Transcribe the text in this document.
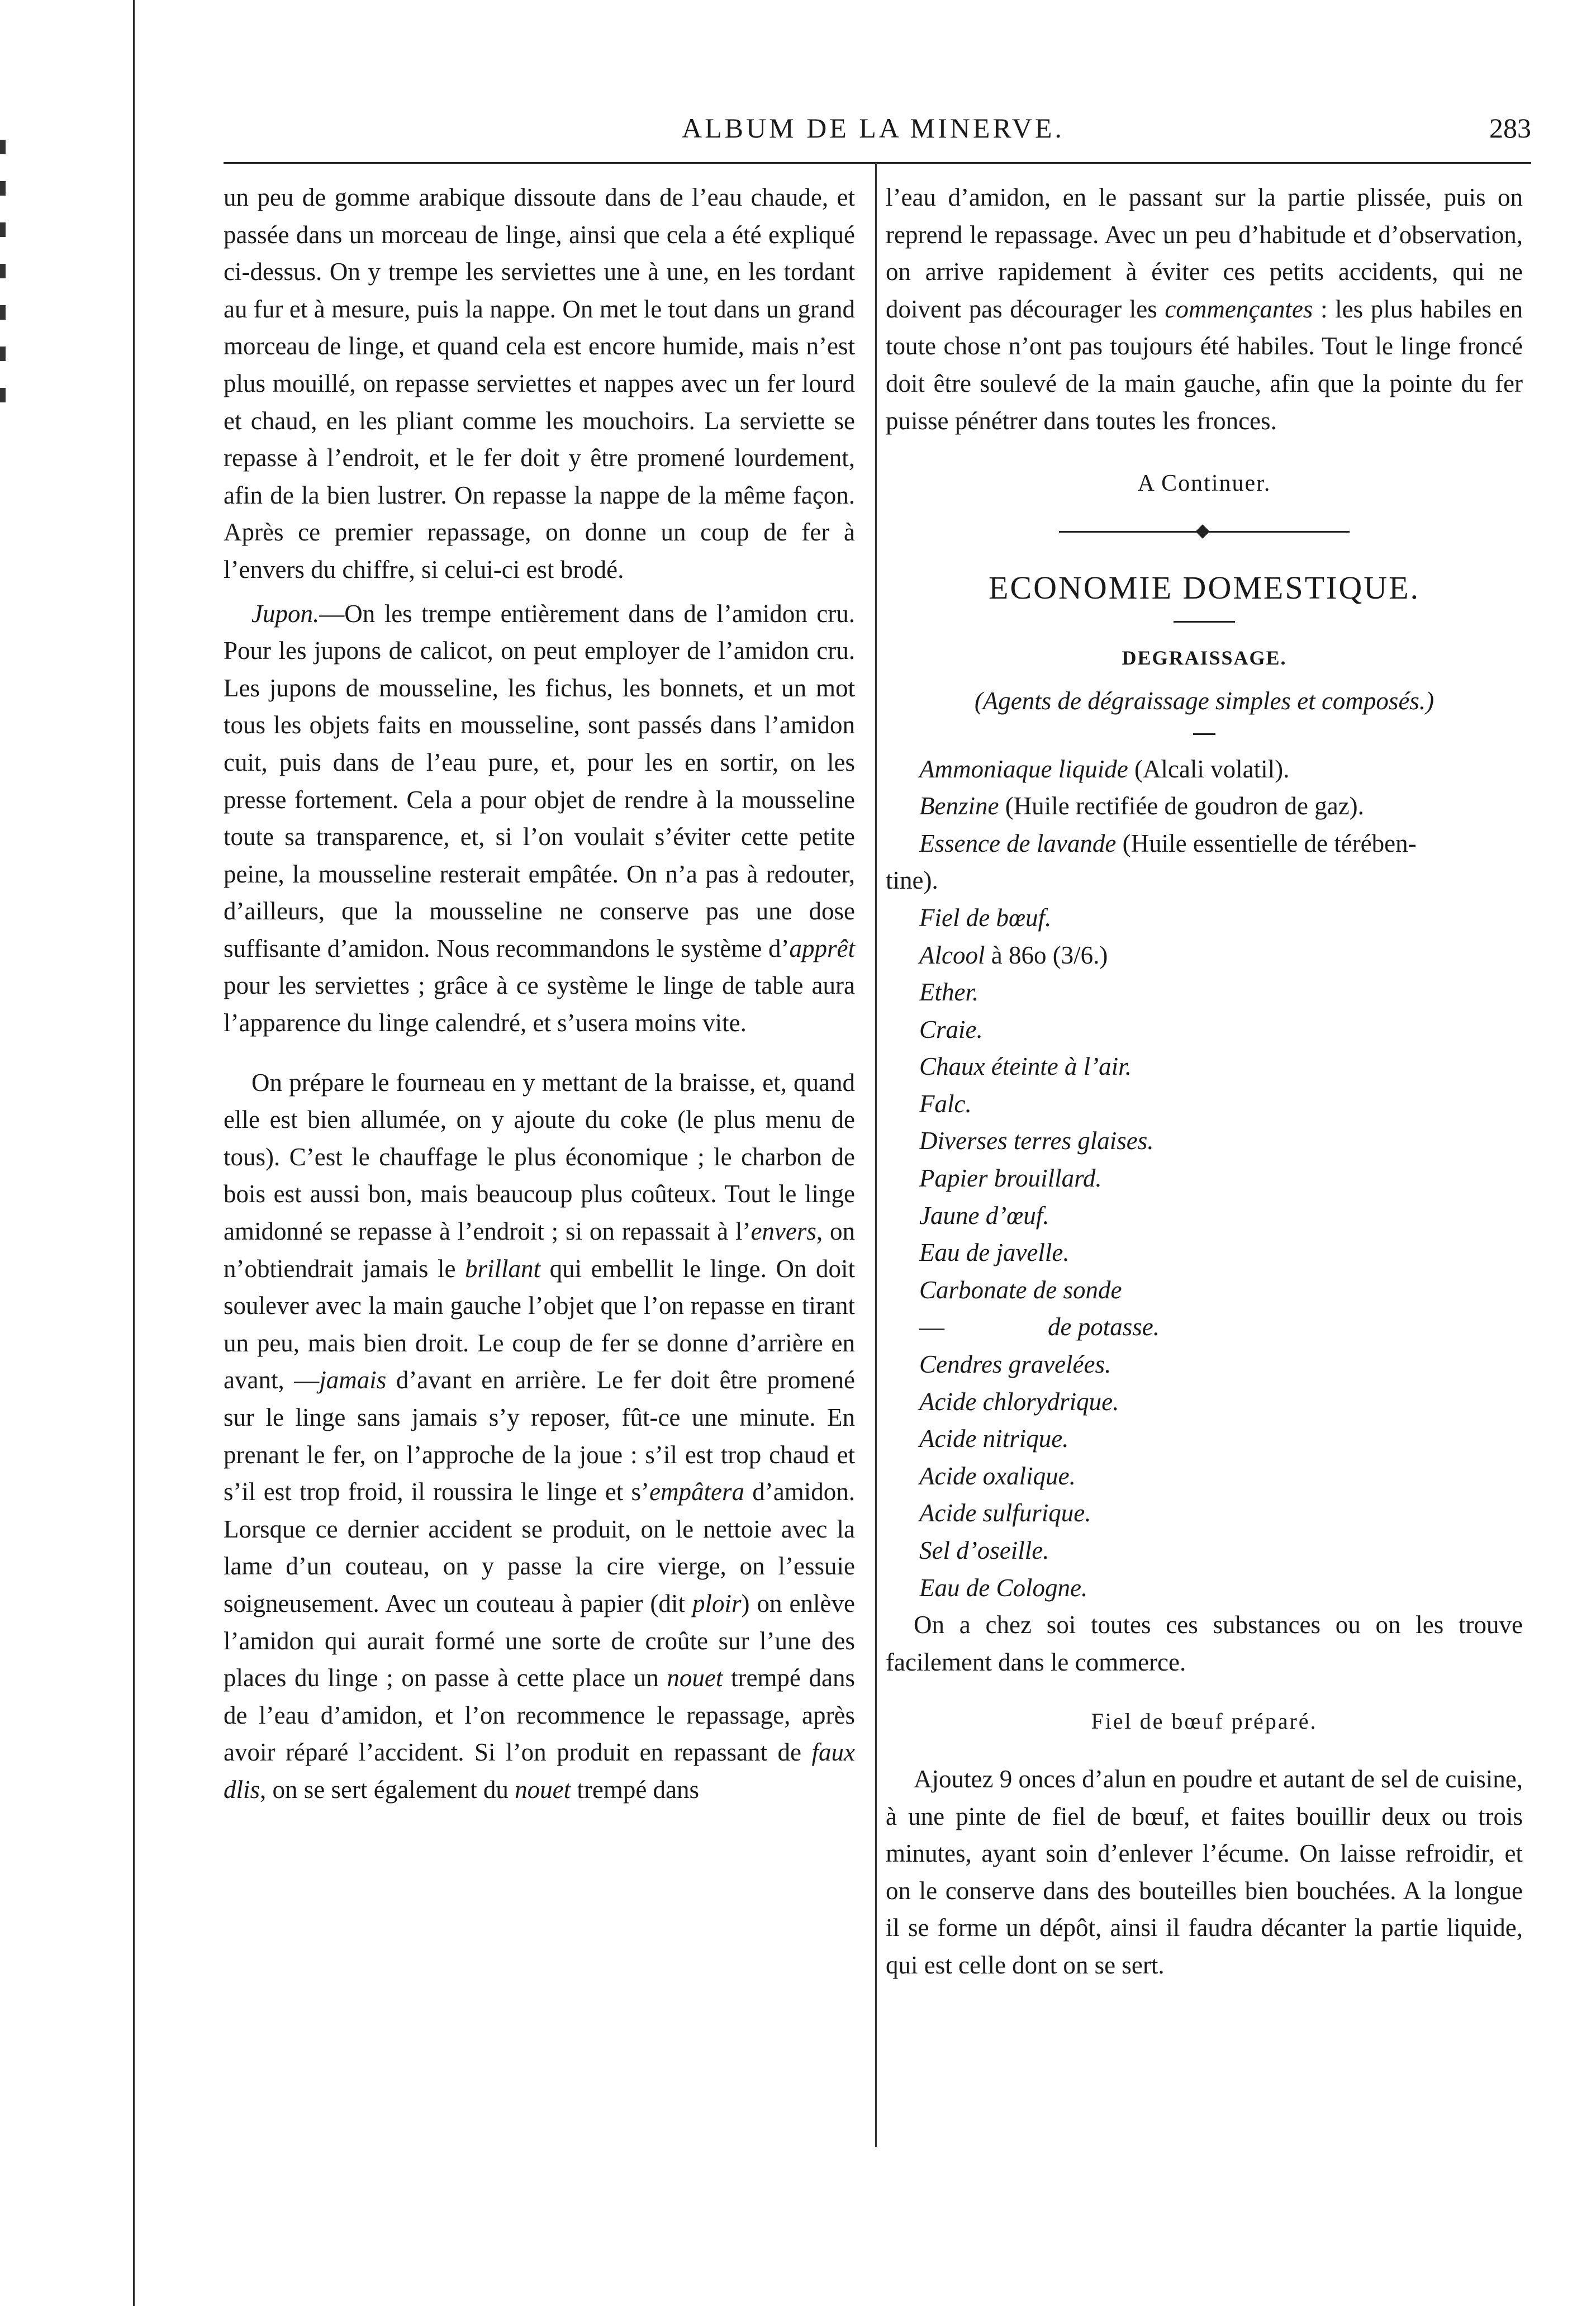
ALBUM DE LA MINERVE.	283

un peu de gomme arabique dissoute dans de l’eau chaude, et passée dans un morceau de linge, ainsi que cela a été expliqué ci-dessus. On y trempe les serviettes une à une, en les tordant au fur et à mesure, puis la nappe. On met le tout dans un grand morceau de linge, et quand cela est encore humide, mais n’est plus mouillé, on repasse serviettes et nappes avec un fer lourd et chaud, en les pliant comme les mouchoirs. La serviette se repasse à l’endroit, et le fer doit y être promené lourdement, afin de la bien lustrer. On repasse la nappe de la même façon. Après ce premier repassage, on donne un coup de fer à l’envers du chiffre, si celui-ci est brodé.

Jupon.—On les trempe entièrement dans de l’amidon cru. Pour les jupons de calicot, on peut employer de l’amidon cru. Les jupons de mousseline, les fichus, les bonnets, et un mot tous les objets faits en mousseline, sont passés dans l’amidon cuit, puis dans de l’eau pure, et, pour les en sortir, on les presse fortement. Cela a pour objet de rendre à la mousseline toute sa transparence, et, si l’on voulait s’éviter cette petite peine, la mousseline resterait empâtée. On n’a pas à redouter, d’ailleurs, que la mousseline ne conserve pas une dose suffisante d’amidon. Nous recommandons le système d’apprêt pour les serviettes ; grâce à ce système le linge de table aura l’apparence du linge calendré, et s’usera moins vite.

On prépare le fourneau en y mettant de la braisse, et, quand elle est bien allumée, on y ajoute du coke (le plus menu de tous). C’est le chauffage le plus économique ; le charbon de bois est aussi bon, mais beaucoup plus coûteux. Tout le linge amidonné se repasse à l’endroit ; si on repassait à l’envers, on n’obtiendrait jamais le brillant qui embellit le linge. On doit soulever avec la main gauche l’objet que l’on repasse en tirant un peu, mais bien droit. Le coup de fer se donne d’arrière en avant, —jamais d’avant en arrière. Le fer doit être promené sur le linge sans jamais s’y reposer, fût-ce une minute. En prenant le fer, on l’approche de la joue : s’il est trop chaud et s’il est trop froid, il roussira le linge et s’empâtera d’amidon. Lorsque ce dernier accident se produit, on le nettoie avec la lame d’un couteau, on y passe la cire vierge, on l’essuie soigneusement. Avec un couteau à papier (dit ploir) on enlève l’amidon qui aurait formé une sorte de croûte sur l’une des places du linge ; on passe à cette place un nouet trempé dans de l’eau d’amidon, et l’on recommence le repassage, après avoir réparé l’accident. Si l’on produit en repassant de faux dlis, on se sert également du nouet trempé dans

l’eau d’amidon, en le passant sur la partie plissée, puis on reprend le repassage. Avec un peu d’habitude et d’observation, on arrive rapidement à éviter ces petits accidents, qui ne doivent pas décourager les commençantes : les plus habiles en toute chose n’ont pas toujours été habiles. Tout le linge froncé doit être soulevé de la main gauche, afin que la pointe du fer puisse pénétrer dans toutes les fronces.

A Continuer.
ECONOMIE DOMESTIQUE.
DEGRAISSAGE.
(Agents de dégraissage simples et composés.)
Ammoniaque liquide (Alcali volatil).
Benzine (Huile rectifiée de goudron de gaz).
Essence de lavande (Huile essentielle de térében-
tine).
Fiel de bœuf.
Alcool à 86o (3/6.)
Ether.
Craie.
Chaux éteinte à l’air.
Falc.
Diverses terres glaises.
Papier brouillard.
Jaune d’œuf.
Eau de javelle.
Carbonate de sonde
—	de potasse.
Cendres gravelées.
Acide chlorydrique.
Acide nitrique.
Acide oxalique.
Acide sulfurique.
Sel d’oseille.
Eau de Cologne.

On a chez soi toutes ces substances ou on les trouve facilement dans le commerce.

Fiel de bœuf préparé.

Ajoutez 9 onces d’alun en poudre et autant de sel de cuisine, à une pinte de fiel de bœuf, et faites bouillir deux ou trois minutes, ayant soin d’enlever l’écume. On laisse refroidir, et on le conserve dans des bouteilles bien bouchées. A la longue il se forme un dépôt, ainsi il faudra décanter la partie liquide, qui est celle dont on se sert.
